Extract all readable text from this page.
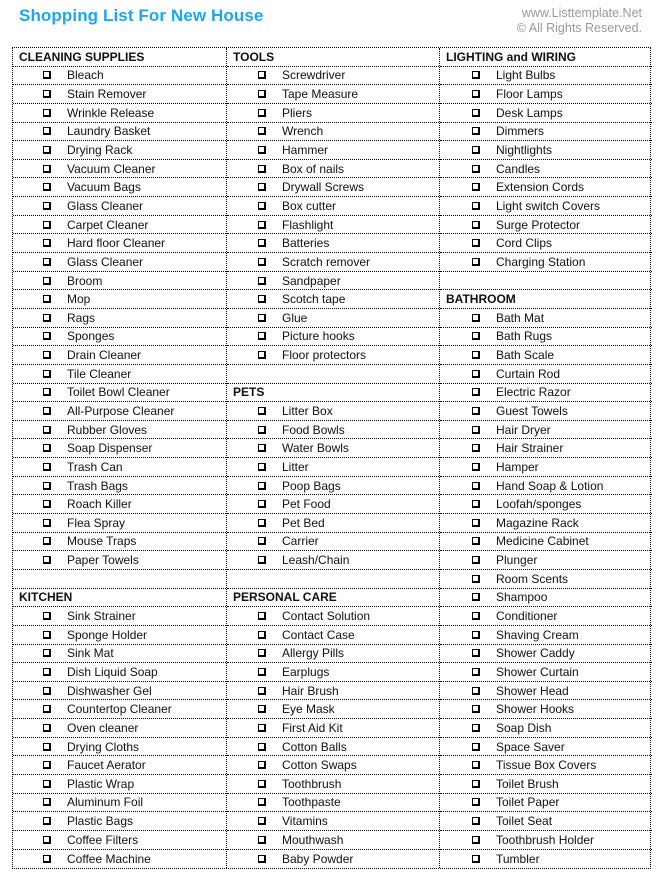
Shopping List For New House	www.Listtemplate.Net
© All Rights Reserved.
CLEANING SUPPLIES
Bleach
Stain Remover
Wrinkle Release
Laundry Basket
Drying Rack
Vacuum Cleaner
Vacuum Bags
Glass Cleaner
Carpet Cleaner
Hard floor Cleaner
Glass Cleaner
Broom
Mop
Rags
Sponges
Drain Cleaner
Tile Cleaner
Toilet Bowl Cleaner
All-Purpose Cleaner
Rubber Gloves
Soap Dispenser
Trash Can
Trash Bags
Roach Killer
Flea Spray
Mouse Traps
Paper Towels
KITCHEN
Sink Strainer
Sponge Holder
Sink Mat
Dish Liquid Soap
Dishwasher Gel
Countertop Cleaner
Oven cleaner
Drying Cloths
Faucet Aerator
Plastic Wrap
Aluminum Foil
Plastic Bags
Coffee Filters
Coffee Machine
TOOLS
Screwdriver
Tape Measure
Pliers
Wrench
Hammer
Box of nails
Drywall Screws
Box cutter
Flashlight
Batteries
Scratch remover
Sandpaper
Scotch tape
Glue
Picture hooks
Floor protectors
PETS
Litter Box
Food Bowls
Water Bowls
Litter
Poop Bags
Pet Food
Pet Bed
Carrier
Leash/Chain
PERSONAL CARE
Contact Solution
Contact Case
Allergy Pills
Earplugs
Hair Brush
Eye Mask
First Aid Kit
Cotton Balls
Cotton Swaps
Toothbrush
Toothpaste
Vitamins
Mouthwash
Baby Powder
LIGHTING and WIRING
Light Bulbs
Floor Lamps
Desk Lamps
Dimmers
Nightlights
Candles
Extension Cords
Light switch Covers
Surge Protector
Cord Clips
Charging Station
BATHROOM
Bath Mat
Bath Rugs
Bath Scale
Curtain Rod
Electric Razor
Guest Towels
Hair Dryer
Hair Strainer
Hamper
Hand Soap & Lotion
Loofah/sponges
Magazine Rack
Medicine Cabinet
Plunger
Room Scents
Shampoo
Conditioner
Shaving Cream
Shower Caddy
Shower Curtain
Shower Head
Shower Hooks
Soap Dish
Space Saver
Tissue Box Covers
Toilet Brush
Toilet Paper
Toilet Seat
Toothbrush Holder
Tumbler
